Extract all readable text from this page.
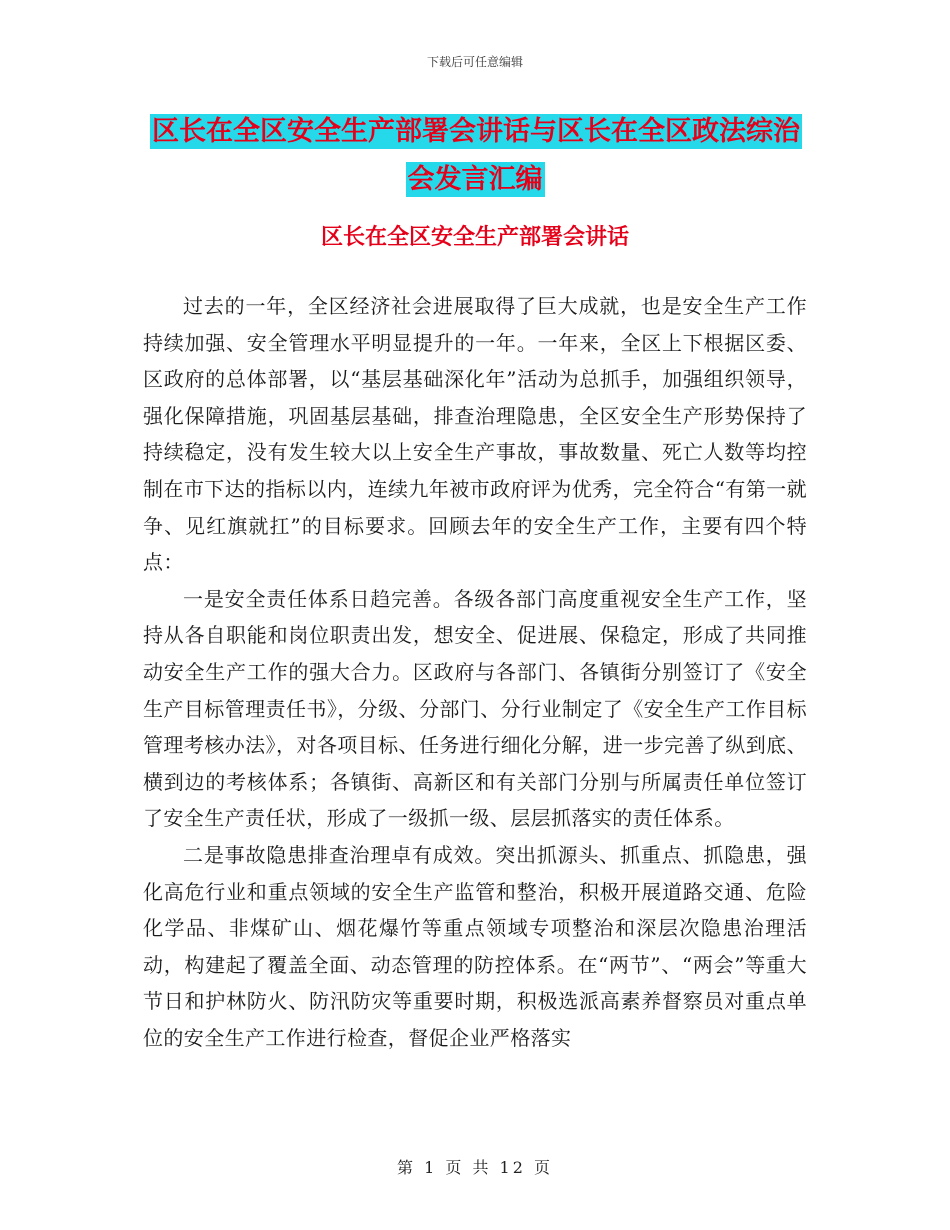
下载后可任意编辑
区长在全区安全生产部署会讲话与区长在全区政法综治会发言汇编
区长在全区安全生产部署会讲话

过去的一年，全区经济社会进展取得了巨大成就，也是安全生产工作持续加强、安全管理水平明显提升的一年。一年来，全区上下根据区委、区政府的总体部署，以“基层基础深化年”活动为总抓手，加强组织领导，强化保障措施，巩固基层基础，排查治理隐患，全区安全生产形势保持了持续稳定，没有发生较大以上安全生产事故，事故数量、死亡人数等均控制在市下达的指标以内，连续九年被市政府评为优秀，完全符合“有第一就争、见红旗就扛”的目标要求。回顾去年的安全生产工作，主要有四个特点：

一是安全责任体系日趋完善。各级各部门高度重视安全生产工作，坚持从各自职能和岗位职责出发，想安全、促进展、保稳定，形成了共同推动安全生产工作的强大合力。区政府与各部门、各镇街分别签订了《安全生产目标管理责任书》，分级、分部门、分行业制定了《安全生产工作目标管理考核办法》，对各项目标、任务进行细化分解，进一步完善了纵到底、横到边的考核体系；各镇街、高新区和有关部门分别与所属责任单位签订了安全生产责任状，形成了一级抓一级、层层抓落实的责任体系。

二是事故隐患排查治理卓有成效。突出抓源头、抓重点、抓隐患，强化高危行业和重点领域的安全生产监管和整治，积极开展道路交通、危险化学品、非煤矿山、烟花爆竹等重点领域专项整治和深层次隐患治理活动，构建起了覆盖全面、动态管理的防控体系。在“两节”、“两会”等重大节日和护林防火、防汛防灾等重要时期，积极选派高素养督察员对重点单位的安全生产工作进行检查，督促企业严格落实

第 1 页 共 12 页
